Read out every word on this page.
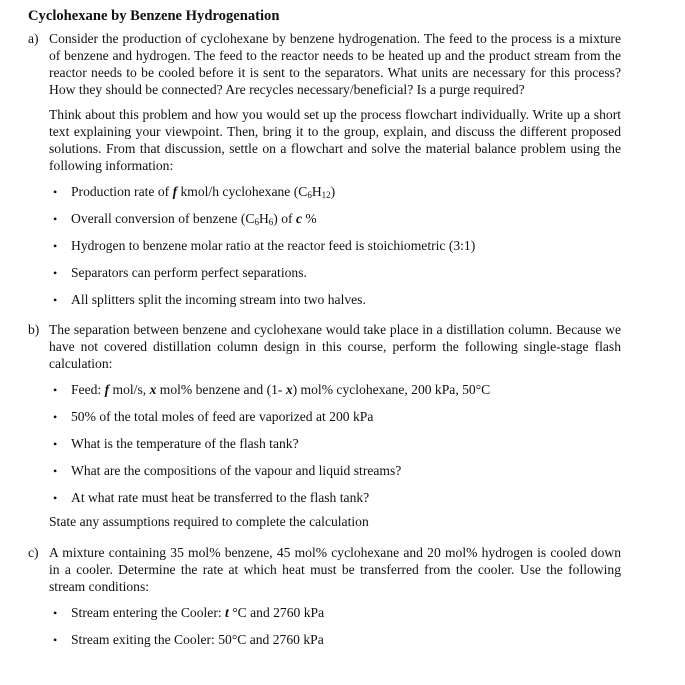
Cyclohexane by Benzene Hydrogenation
a) Consider the production of cyclohexane by benzene hydrogenation. The feed to the process is a mixture of benzene and hydrogen. The feed to the reactor needs to be heated up and the product stream from the reactor needs to be cooled before it is sent to the separators. What units are necessary for this process? How they should be connected? Are recycles necessary/beneficial? Is a purge required?

Think about this problem and how you would set up the process flowchart individually. Write up a short text explaining your viewpoint. Then, bring it to the group, explain, and discuss the different proposed solutions. From that discussion, settle on a flowchart and solve the material balance problem using the following information:

•	Production rate of f kmol/h cyclohexane $(C_6H_{12})$
•	Overall conversion of benzene $(C_6H_6)$ of c %
•	Hydrogen to benzene molar ratio at the reactor feed is stoichiometric (3:1)
•	Separators can perform perfect separations.
•	All splitters split the incoming stream into two halves.
b) The separation between benzene and cyclohexane would take place in a distillation column. Because we have not covered distillation column design in this course, perform the following single-stage flash calculation:

•	Feed: f mol/s, x mol% benzene and (1- x) mol% cyclohexane, 200 kPa, 50°C
•	50% of the total moles of feed are vaporized at 200 kPa
•	What is the temperature of the flash tank?
•	What are the compositions of the vapour and liquid streams?
•	At what rate must heat be transferred to the flash tank?

State any assumptions required to complete the calculation

c) A mixture containing 35 mol% benzene, 45 mol% cyclohexane and 20 mol% hydrogen is cooled down in a cooler. Determine the rate at which heat must be transferred from the cooler. Use the following stream conditions:

•	Stream entering the Cooler: t °C and 2760 kPa
•	Stream exiting the Cooler: 50°C and 2760 kPa
